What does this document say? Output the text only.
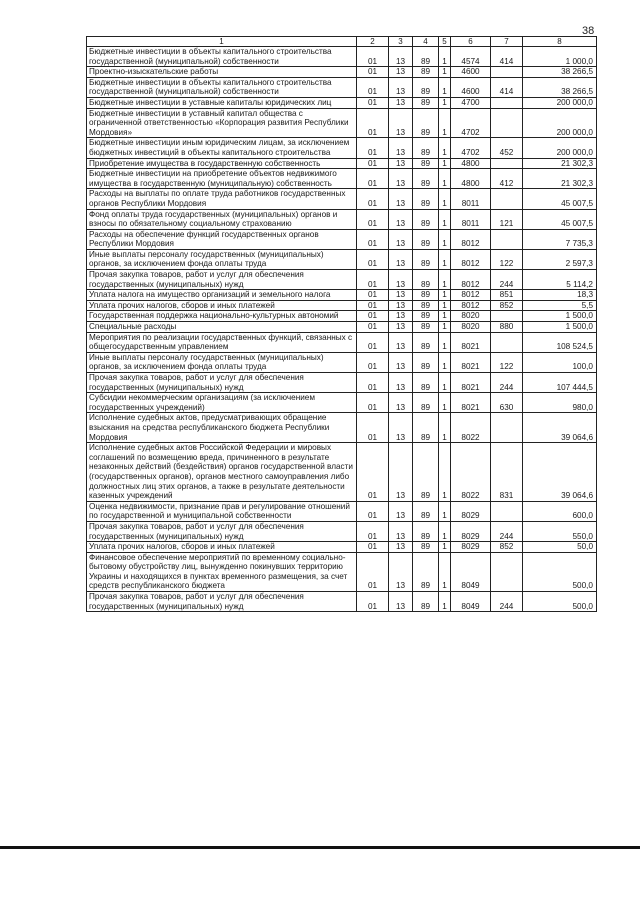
38
1	2	3	4	5	6	7	8
Бюджетные инвестиции в объекты капитального строительства государственной (муниципальной) собственности	01	13	89	1	4574	414	1 000,0
Проектно-изыскательские работы	01	13	89	1	4600		38 266,5
Бюджетные инвестиции в объекты капитального строительства государственной (муниципальной) собственности	01	13	89	1	4600	414	38 266,5
Бюджетные инвестиции в уставные капиталы юридических лиц	01	13	89	1	4700		200 000,0
Бюджетные инвестиции в уставный капитал общества с ограниченной ответственностью «Корпорация развития Республики Мордовия»	01	13	89	1	4702		200 000,0
Бюджетные инвестиции иным юридическим лицам, за исключением бюджетных инвестиций в объекты капитального строительства	01	13	89	1	4702	452	200 000,0
Приобретение имущества в государственную собственность	01	13	89	1	4800		21 302,3
Бюджетные инвестиции на приобретение объектов недвижимого имущества в государственную (муниципальную) собственность	01	13	89	1	4800	412	21 302,3
Расходы на выплаты по оплате труда работников государственных органов Республики Мордовия	01	13	89	1	8011		45 007,5
Фонд оплаты труда государственных (муниципальных) органов и взносы по обязательному социальному страхованию	01	13	89	1	8011	121	45 007,5
Расходы на обеспечение функций государственных органов Республики Мордовия	01	13	89	1	8012		7 735,3
Иные выплаты персоналу государственных (муниципальных) органов, за исключением фонда оплаты труда	01	13	89	1	8012	122	2 597,3
Прочая закупка товаров, работ и услуг для обеспечения государственных (муниципальных) нужд	01	13	89	1	8012	244	5 114,2
Уплата налога на имущество организаций и земельного налога	01	13	89	1	8012	851	18,3
Уплата прочих налогов, сборов и иных платежей	01	13	89	1	8012	852	5,5
Государственная поддержка национально-культурных автономий	01	13	89	1	8020		1 500,0
Специальные расходы	01	13	89	1	8020	880	1 500,0
Мероприятия по реализации государственных функций, связанных с общегосударственным управлением	01	13	89	1	8021		108 524,5
Иные выплаты персоналу государственных (муниципальных) органов, за исключением фонда оплаты труда	01	13	89	1	8021	122	100,0
Прочая закупка товаров, работ и услуг для обеспечения государственных (муниципальных) нужд	01	13	89	1	8021	244	107 444,5
Субсидии некоммерческим организациям (за исключением государственных учреждений)	01	13	89	1	8021	630	980,0
Исполнение судебных актов, предусматривающих обращение взыскания на средства республиканского бюджета Республики Мордовия	01	13	89	1	8022		39 064,6
Исполнение судебных актов Российской Федерации и мировых соглашений по возмещению вреда, причиненного в результате незаконных действий (бездействия) органов государственной власти (государственных органов), органов местного самоуправления либо должностных лиц этих органов, а также в результате деятельности казенных учреждений	01	13	89	1	8022	831	39 064,6
Оценка недвижимости, признание прав и регулирование отношений по государственной и муниципальной собственности	01	13	89	1	8029		600,0
Прочая закупка товаров, работ и услуг для обеспечения государственных (муниципальных) нужд	01	13	89	1	8029	244	550,0
Уплата прочих налогов, сборов и иных платежей	01	13	89	1	8029	852	50,0
Финансовое обеспечение мероприятий по временному социально-бытовому обустройству лиц, вынужденно покинувших территорию Украины и находящихся в пунктах временного размещения, за счет средств республиканского бюджета	01	13	89	1	8049		500,0
Прочая закупка товаров, работ и услуг для обеспечения государственных (муниципальных) нужд	01	13	89	1	8049	244	500,0
